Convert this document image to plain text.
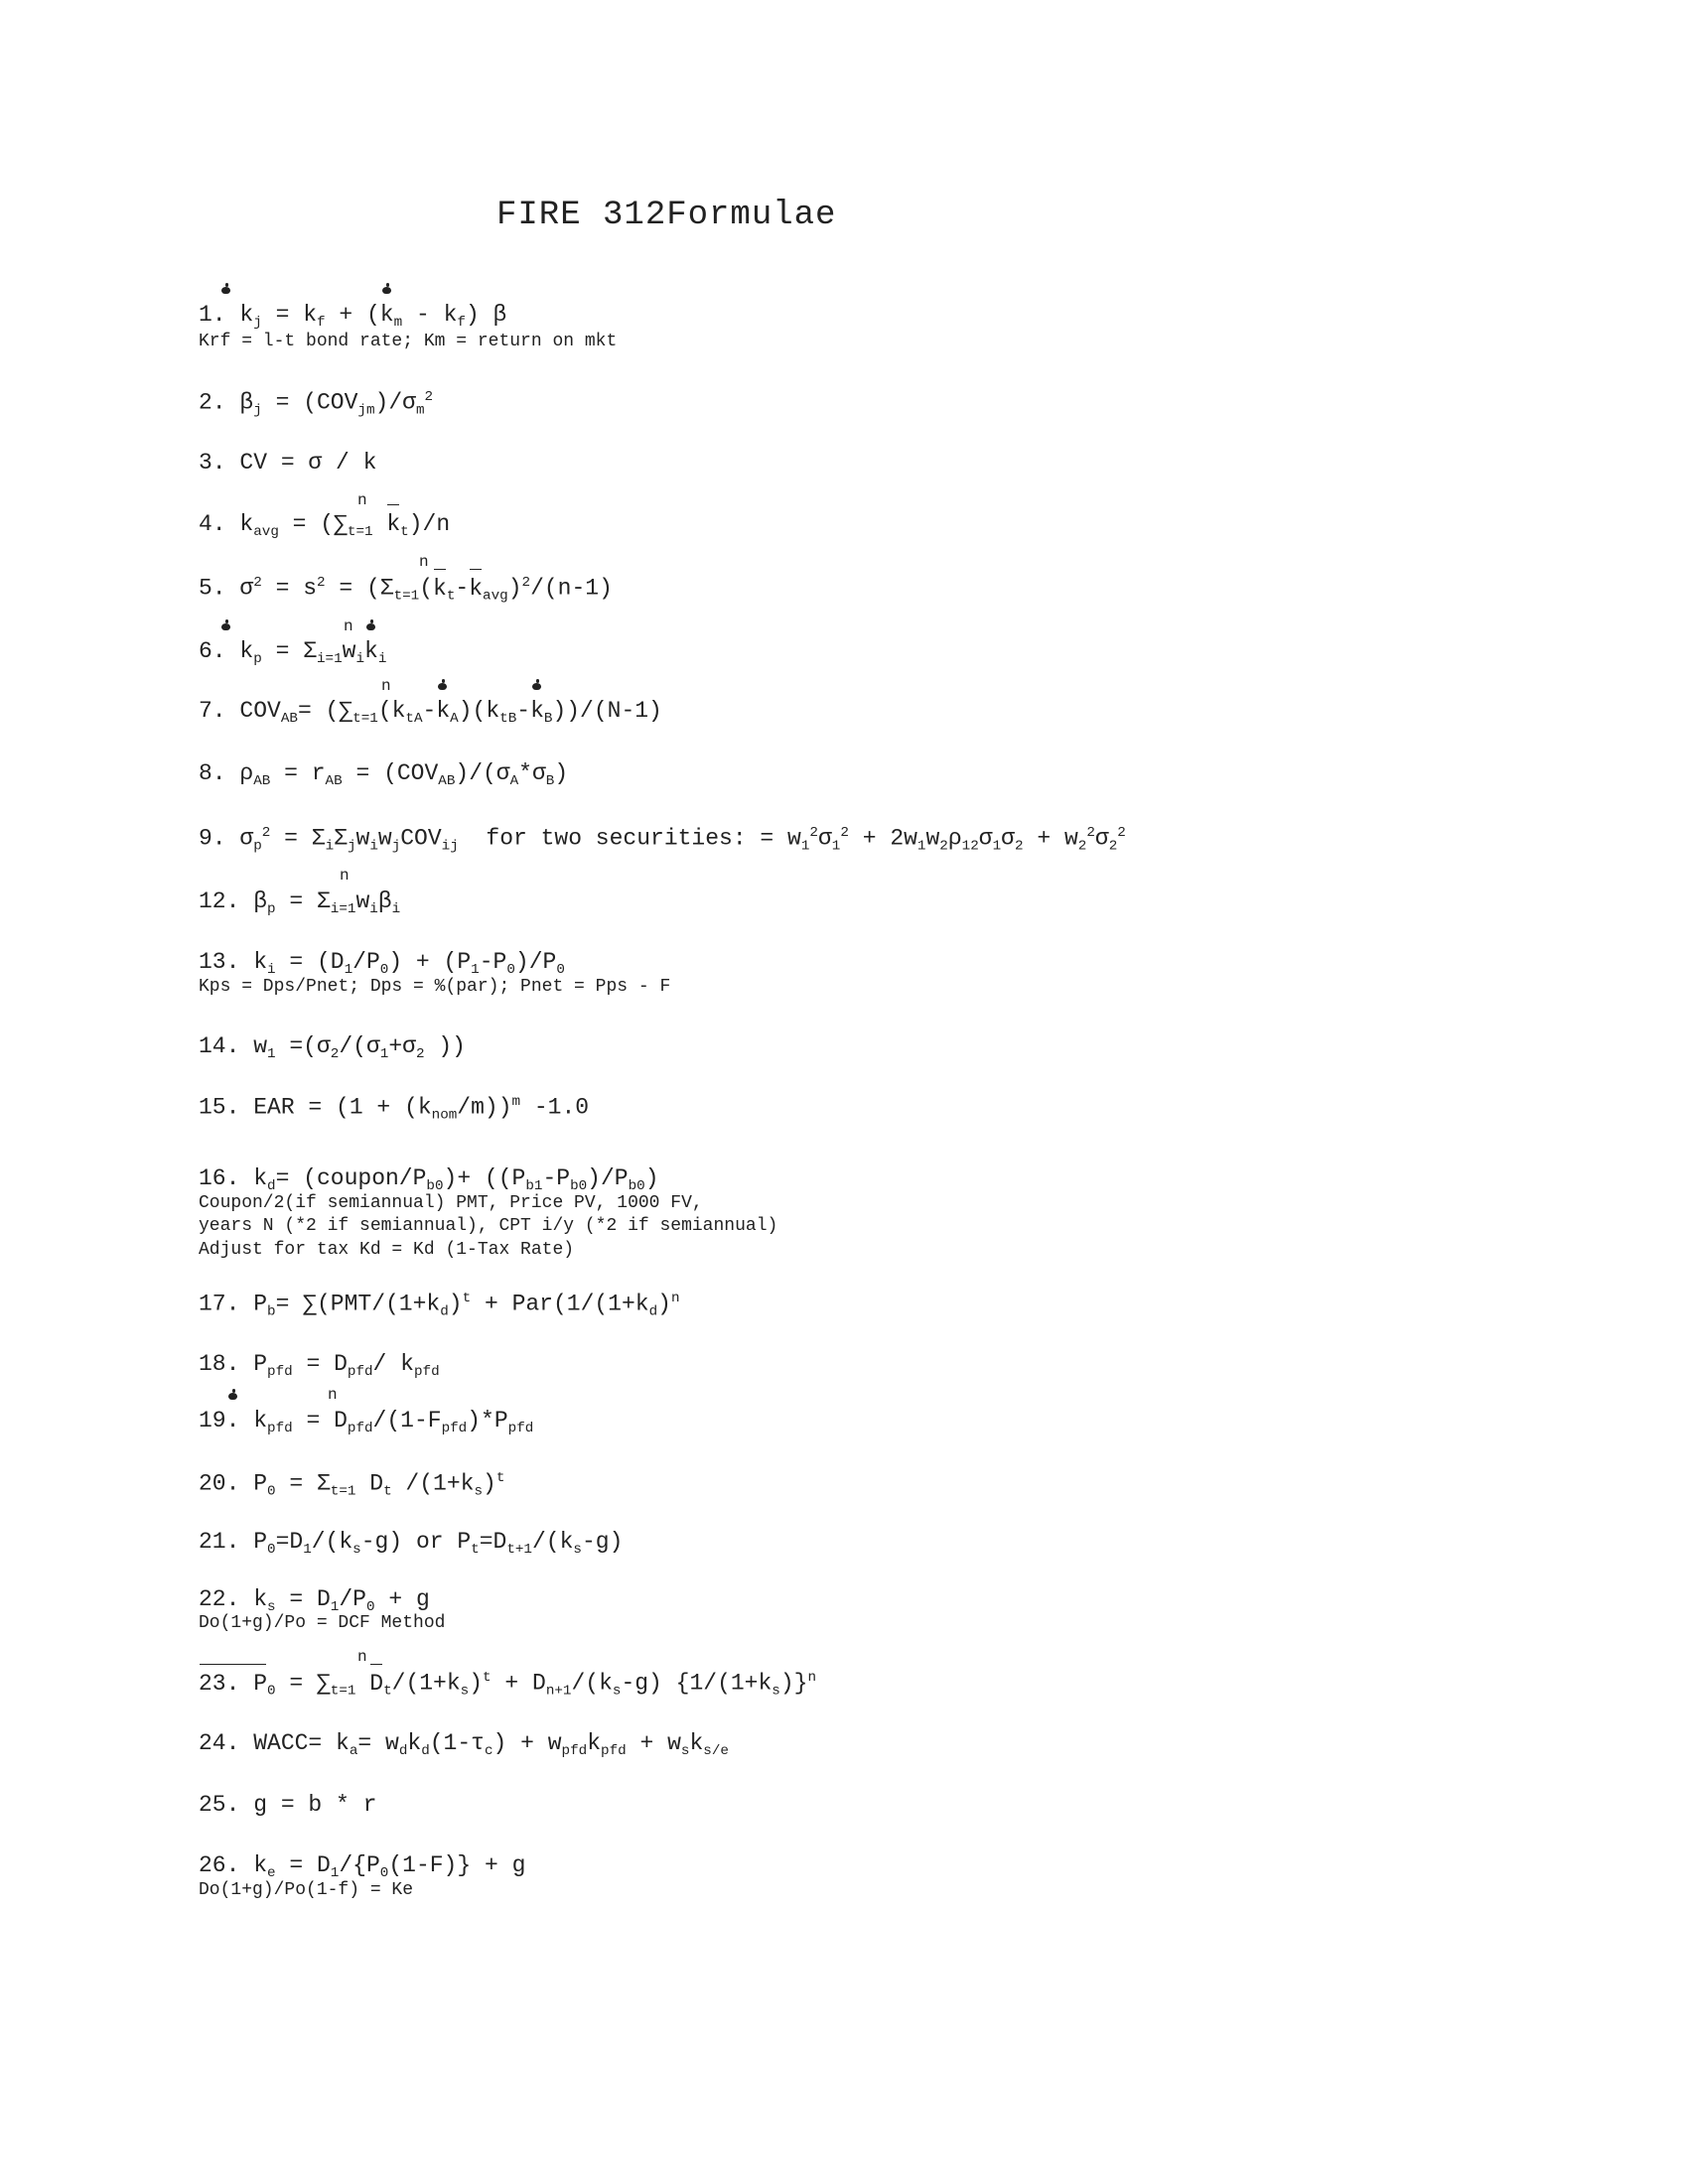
FIRE 312Formulae
1. $k_j = k_f + (k_m - k_f)$ β
Krf = l-t bond rate; Km = return on mkt
2. $\beta_j = (COV_{jm})/\sigma_m^2$
3. CV = σ / k
4. $k_{avg} = (\sum_{t=1}$ $k_t)/n$
5. $\sigma^2 = s^2 = (\Sigma_{t=1}(k_t-k_{avg})^2/(n-1)$
6. $k_p = \Sigma_{i=1}w_ik_i$
7. $COV_{AB}= (\sum_{t=1}(k_{tA}-k_A)(k_{tB}-k_B))/(N-1)$
8. $\rho_{AB} = r_{AB} = (COV_{AB})/(\sigma_A*\sigma_B)$
9. $\sigma_p^2 = \Sigma_i\Sigma_jw_iw_jCOV_{ij}$  for two securities: = $w_1^2\sigma_1^2 + 2w_1w_2\rho_{12}\sigma_1\sigma_2 + w_2^2\sigma_2^2$
12. $\beta_p = \Sigma_{i=1}w_i\beta_i$
13. $k_i = (D_1/P_0) + (P_1-P_0)/P_0$
Kps = Dps/Pnet; Dps = %(par); Pnet = Pps - F
14. $w_1 =(\sigma_2/(\sigma_1+\sigma_2$ ))
15. EAR = $(1 + (k_{nom}/m))^m$ -1.0
16. $k_d=$ $(coupon/P_{b0})+ ((P_{b1}-P_{b0})/P_{b0})$
Coupon/2(if semiannual) PMT, Price PV, 1000 FV,
years N (*2 if semiannual), CPT i/y (*2 if semiannual)
Adjust for tax Kd = Kd (1-Tax Rate)
17. $P_b= \sum(PMT/(1+k_d)^t + Par(1/(1+k_d)^n$
18. $P_{pfd} = D_{pfd}/$ $k_{pfd}$
19. $k_{pfd} = D_{pfd}/(1-F_{pfd})*P_{pfd}$
20. $P_0 = \Sigma_{t=1}$ $D_t$ $/(1+k_s)^t$
21. $P_0=D_1/(k_s-g)$ or $P_t=D_{t+1}/(k_s-g)$
22. $k_s = D_1/P_0 + g$
Do(1+g)/Po = DCF Method
23. $P_0 = \sum_{t=1}$ $D_t/(1+k_s)^t + D_{n+1}/(k_s-g)$ $\{1/(1+k_s)\}^n$
24. WACC= $k_a= w_dk_d(1-\tau_c) + w_{pfd}k_{pfd} + w_sk_{s/e}$
25. g = b * r
26. $k_e = D_1/\{P_0(1-F)\} + g$
Do(1+g)/Po(1-f) = Ke
n
n
n
n
n
n
n
